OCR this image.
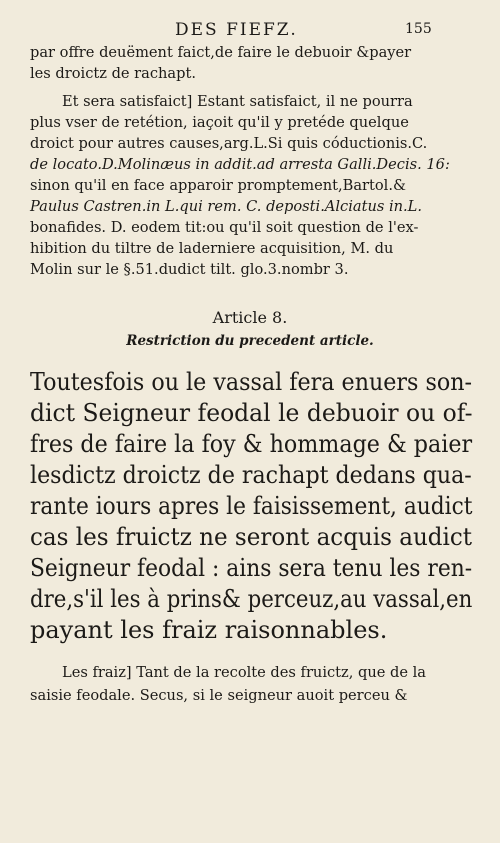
DES FIEFZ.	155
par offre deuëment faict,de faire le debuoir &payer
les droictz de rachapt.
Et sera satisfaict] Estant satisfaict, il ne pourra
plus vser de retétion, iaçoit qu'il y pretéde quelque
droict pour autres causes,arg.L.Si quis cóductionis.C.
de locato.D.Molinæus in addit.ad arresta Galli.Decis. 16:
sinon qu'il en face apparoir promptement,Bartol.&
Paulus Castren.in L.qui rem. C. deposti.Alciatus in.L.
bonafides. D. eodem tit:ou qu'il soit question de l'ex-
hibition du tiltre de laderniere acquisition, M. du
Molin sur le §.51.dudict tilt. glo.3.nombr 3.
Article 8.
Restriction du precedent article.
Toutesfois ou le vassal fera enuers son-
dict Seigneur feodal le debuoir ou of-
fres de faire la foy & hommage & paier
lesdictz droictz de rachapt dedans qua-
rante iours apres le faisissement, audict
cas les fruictz ne seront acquis audict
Seigneur feodal : ains sera tenu les ren-
dre,s'il les à prins& perceuz,au vassal,en
payant les fraiz raisonnables.
Les fraiz] Tant de la recolte des fruictz, que de la
saisie feodale. Secus, si le seigneur auoit perceu &
